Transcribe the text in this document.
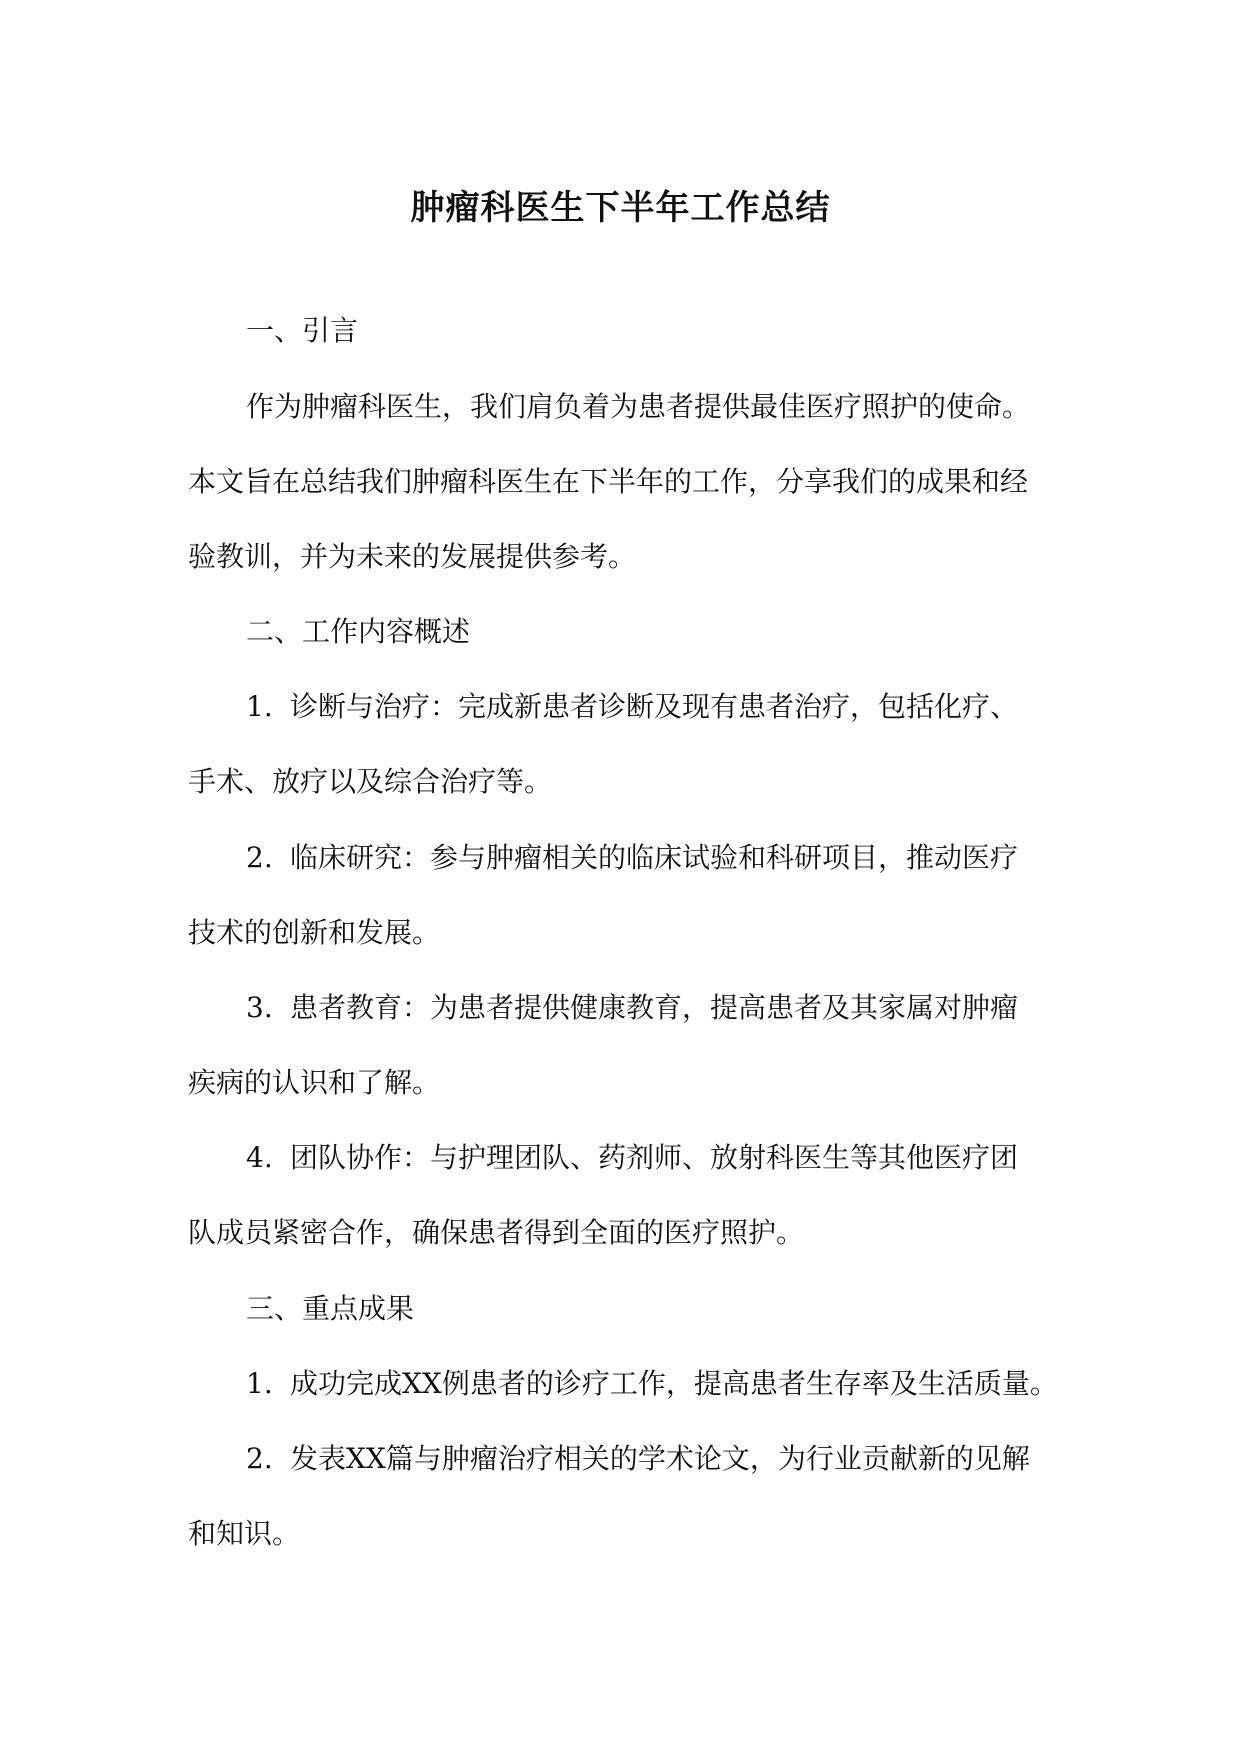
肿瘤科医生下半年工作总结

一、引言

作为肿瘤科医生，我们肩负着为患者提供最佳医疗照护的使命。

本文旨在总结我们肿瘤科医生在下半年的工作，分享我们的成果和经

验教训，并为未来的发展提供参考。

二、工作内容概述

1. 诊断与治疗：完成新患者诊断及现有患者治疗，包括化疗、

手术、放疗以及综合治疗等。

2. 临床研究：参与肿瘤相关的临床试验和科研项目，推动医疗

技术的创新和发展。

3. 患者教育：为患者提供健康教育，提高患者及其家属对肿瘤

疾病的认识和了解。

4. 团队协作：与护理团队、药剂师、放射科医生等其他医疗团

队成员紧密合作，确保患者得到全面的医疗照护。

三、重点成果

1. 成功完成XX例患者的诊疗工作，提高患者生存率及生活质量。

2. 发表XX篇与肿瘤治疗相关的学术论文，为行业贡献新的见解

和知识。
